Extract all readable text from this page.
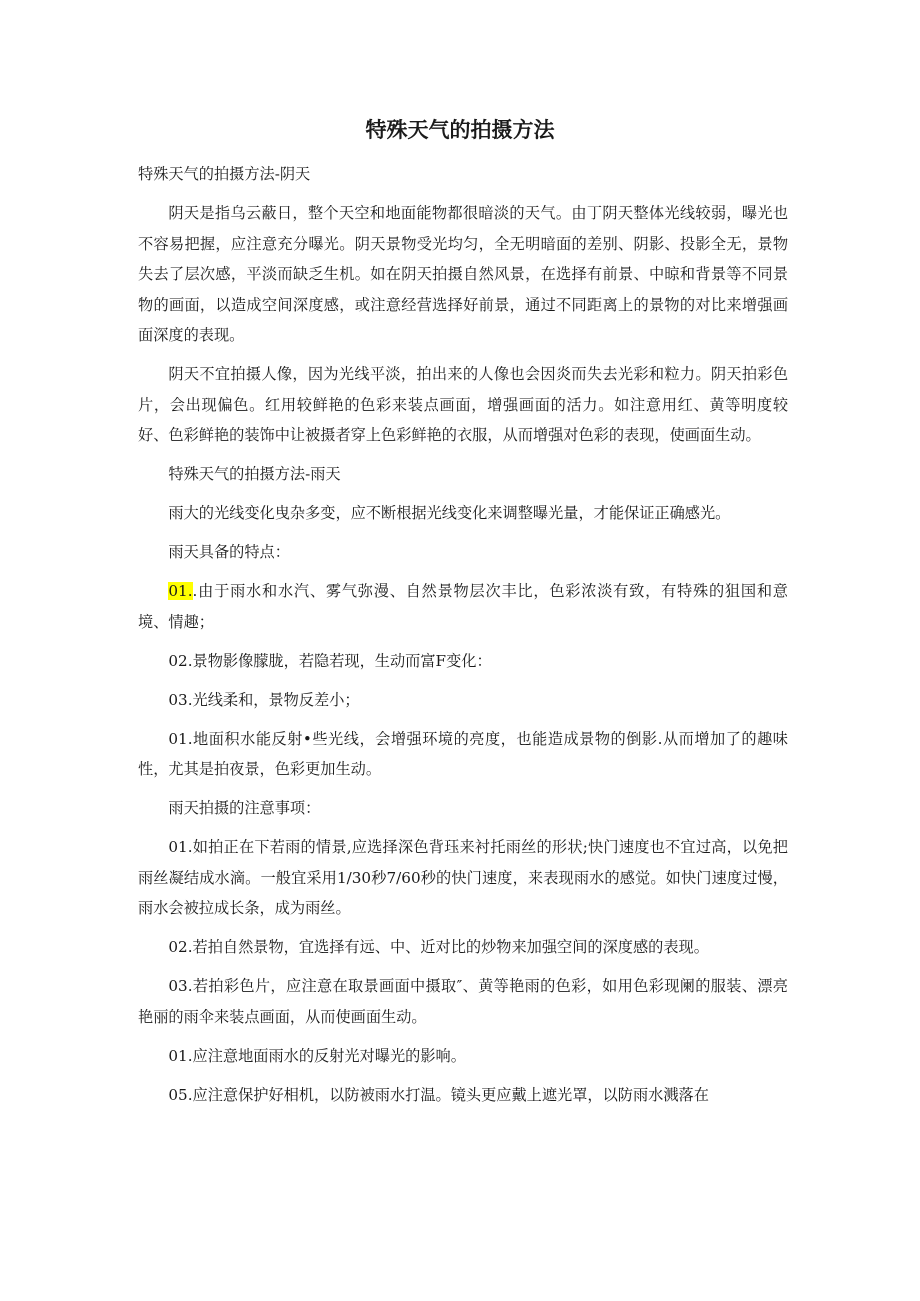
特殊天气的拍摄方法

特殊天气的拍摄方法-阴天

阴天是指乌云蔽日，整个天空和地面能物都很暗淡的天气。由丁阴天整体光线较弱，曝光也不容易把握，应注意充分曝光。阴天景物受光均匀，全无明暗面的差别、阴影、投影全无，景物失去了层次感，平淡而缺乏生机。如在阴天拍摄自然风景，在选择有前景、中晾和背景等不同景物的画面，以造成空间深度感，或注意经营选择好前景，通过不同距离上的景物的对比来增强画面深度的表现。

阴天不宜拍摄人像，因为光线平淡，拍出来的人像也会因炎而失去光彩和粒力。阴天拍彩色片，会出现偏色。红用较鲜艳的色彩来装点画面，增强画面的活力。如注意用红、黄等明度较好、色彩鲜艳的装饰中让被摄者穿上色彩鲜艳的衣服，从而增强对色彩的表现，使画面生动。

特殊天气的拍摄方法-雨天

雨大的光线变化曳杂多变，应不断根据光线变化来调整曝光量，才能保证正确感光。

雨天具备的特点：

01..由于雨水和水汽、雾气弥漫、自然景物层次丰比，色彩浓淡有致，有特殊的狙国和意境、情趣；

02.景物影像朦胧，若隐若现，生动而富F变化：

03.光线柔和，景物反差小；

01.地面积水能反射•些光线，会增强环境的亮度，也能造成景物的倒影.从而增加了的趣味性，尤其是拍夜景，色彩更加生动。

雨天拍摄的注意事项：

01.如拍正在下若雨的情景,应选择深色背珏来衬托雨丝的形状;快门速度也不宜过高，以免把雨丝凝结成水滴。一般宜采用1/30秒7/60秒的快门速度，来表现雨水的感觉。如快门速度过慢，雨水会被拉成长条，成为雨丝。

02.若拍自然景物，宜选择有远、中、近对比的炒物来加强空间的深度感的表现。

03.若拍彩色片，应注意在取景画面中摄取″、黄等艳雨的色彩，如用色彩现阑的服装、漂亮艳丽的雨伞来装点画面，从而使画面生动。

01.应注意地面雨水的反射光对曝光的影响。

05.应注意保护好相机，以防被雨水打温。镜头更应戴上遮光罩，以防雨水溅落在
